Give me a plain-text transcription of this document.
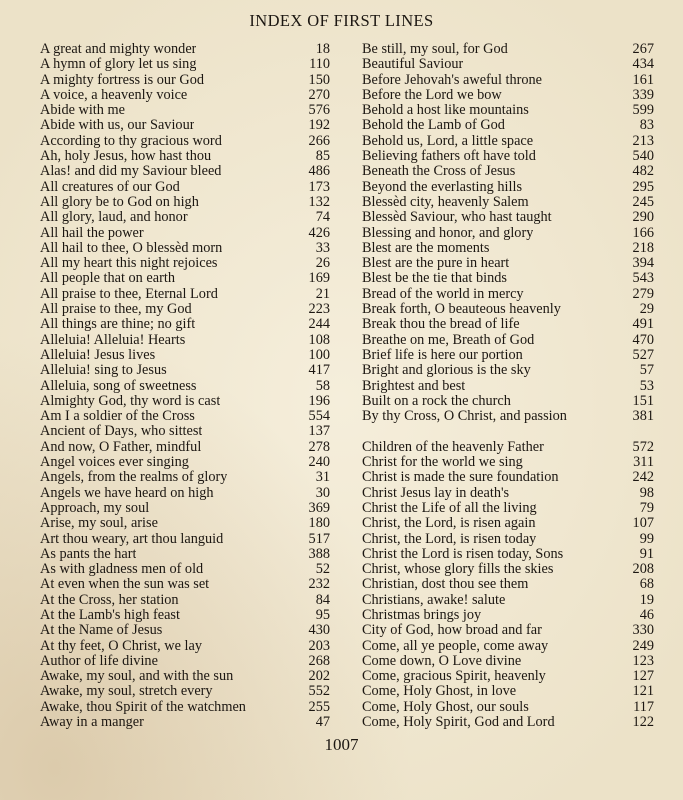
INDEX OF FIRST LINES
A great and mighty wonder	18
A hymn of glory let us sing	110
A mighty fortress is our God	150
A voice, a heavenly voice	270
Abide with me	576
Abide with us, our Saviour	192
According to thy gracious word	266
Ah, holy Jesus, how hast thou	85
Alas! and did my Saviour bleed	486
All creatures of our God	173
All glory be to God on high	132
All glory, laud, and honor	74
All hail the power	426
All hail to thee, O blessèd morn	33
All my heart this night rejoices	26
All people that on earth	169
All praise to thee, Eternal Lord	21
All praise to thee, my God	223
All things are thine; no gift	244
Alleluia! Alleluia! Hearts	108
Alleluia! Jesus lives	100
Alleluia! sing to Jesus	417
Alleluia, song of sweetness	58
Almighty God, thy word is cast	196
Am I a soldier of the Cross	554
Ancient of Days, who sittest	137
And now, O Father, mindful	278
Angel voices ever singing	240
Angels, from the realms of glory	31
Angels we have heard on high	30
Approach, my soul	369
Arise, my soul, arise	180
Art thou weary, art thou languid	517
As pants the hart	388
As with gladness men of old	52
At even when the sun was set	232
At the Cross, her station	84
At the Lamb's high feast	95
At the Name of Jesus	430
At thy feet, O Christ, we lay	203
Author of life divine	268
Awake, my soul, and with the sun	202
Awake, my soul, stretch every	552
Awake, thou Spirit of the watchmen	255
Away in a manger	47
Be still, my soul, for God	267
Beautiful Saviour	434
Before Jehovah's aweful throne	161
Before the Lord we bow	339
Behold a host like mountains	599
Behold the Lamb of God	83
Behold us, Lord, a little space	213
Believing fathers oft have told	540
Beneath the Cross of Jesus	482
Beyond the everlasting hills	295
Blessèd city, heavenly Salem	245
Blessèd Saviour, who hast taught	290
Blessing and honor, and glory	166
Blest are the moments	218
Blest are the pure in heart	394
Blest be the tie that binds	543
Bread of the world in mercy	279
Break forth, O beauteous heavenly	29
Break thou the bread of life	491
Breathe on me, Breath of God	470
Brief life is here our portion	527
Bright and glorious is the sky	57
Brightest and best	53
Built on a rock the church	151
By thy Cross, O Christ, and passion	381
Children of the heavenly Father	572
Christ for the world we sing	311
Christ is made the sure foundation	242
Christ Jesus lay in death's	98
Christ the Life of all the living	79
Christ, the Lord, is risen again	107
Christ, the Lord, is risen today	99
Christ the Lord is risen today, Sons	91
Christ, whose glory fills the skies	208
Christian, dost thou see them	68
Christians, awake! salute	19
Christmas brings joy	46
City of God, how broad and far	330
Come, all ye people, come away	249
Come down, O Love divine	123
Come, gracious Spirit, heavenly	127
Come, Holy Ghost, in love	121
Come, Holy Ghost, our souls	117
Come, Holy Spirit, God and Lord	122
1007
